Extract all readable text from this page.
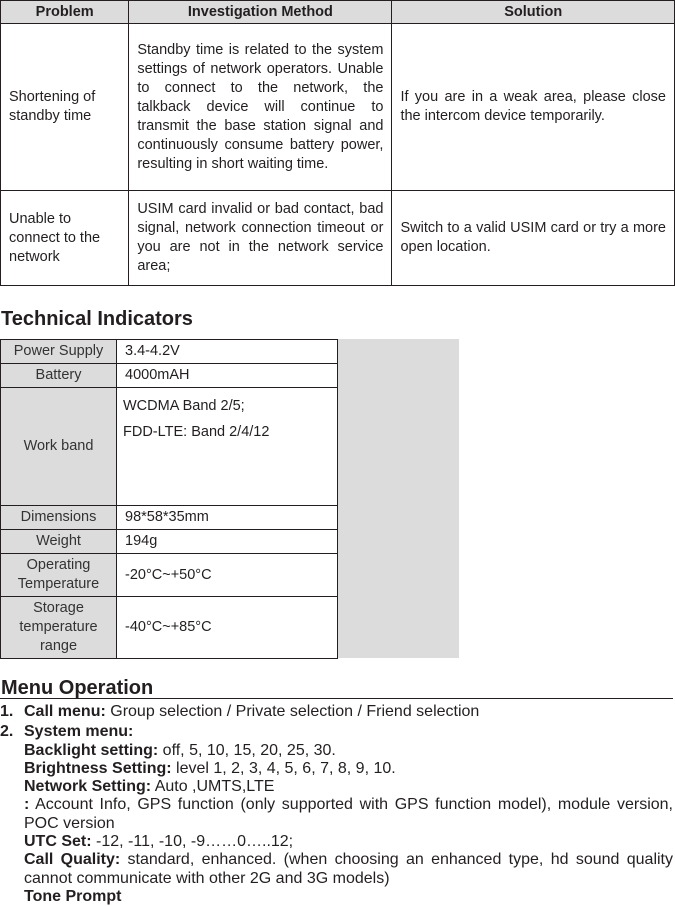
Problem	Investigation Method	Solution
Shortening of standby time	Standby time is related to the system settings of network operators. Unable to connect to the network, the talkback device will continue to transmit the base station signal and continuously consume battery power, resulting in short waiting time.	If you are in a weak area, please close the intercom device temporarily.
Unable to connect to the network	USIM card invalid or bad contact, bad signal, network connection timeout or you are not in the network service area;	Switch to a valid USIM card or try a more open location.
Technical Indicators
Power Supply	3.4-4.2V
Battery	4000mAH
Work band	WCDMA Band 2/5;
FDD-LTE: Band 2/4/12

Dimensions	98*58*35mm
Weight	194g
Operating Temperature	-20°C~+50°C
Storage temperature range	-40°C~+85°C
Menu Operation
1. Call menu: Group selection / Private selection / Friend selection
2. System menu:
Backlight setting: off, 5, 10, 15, 20, 25, 30.
Brightness Setting: level 1, 2, 3, 4, 5, 6, 7, 8, 9, 10.
Network Setting: Auto ,UMTS,LTE
: Account Info, GPS function (only supported with GPS function model), module version, POC version
UTC Set: -12, -11, -10, -9……0…..12;
Call Quality: standard, enhanced. (when choosing an enhanced type, hd sound quality cannot communicate with other 2G and 3G models)
Tone Prompt
